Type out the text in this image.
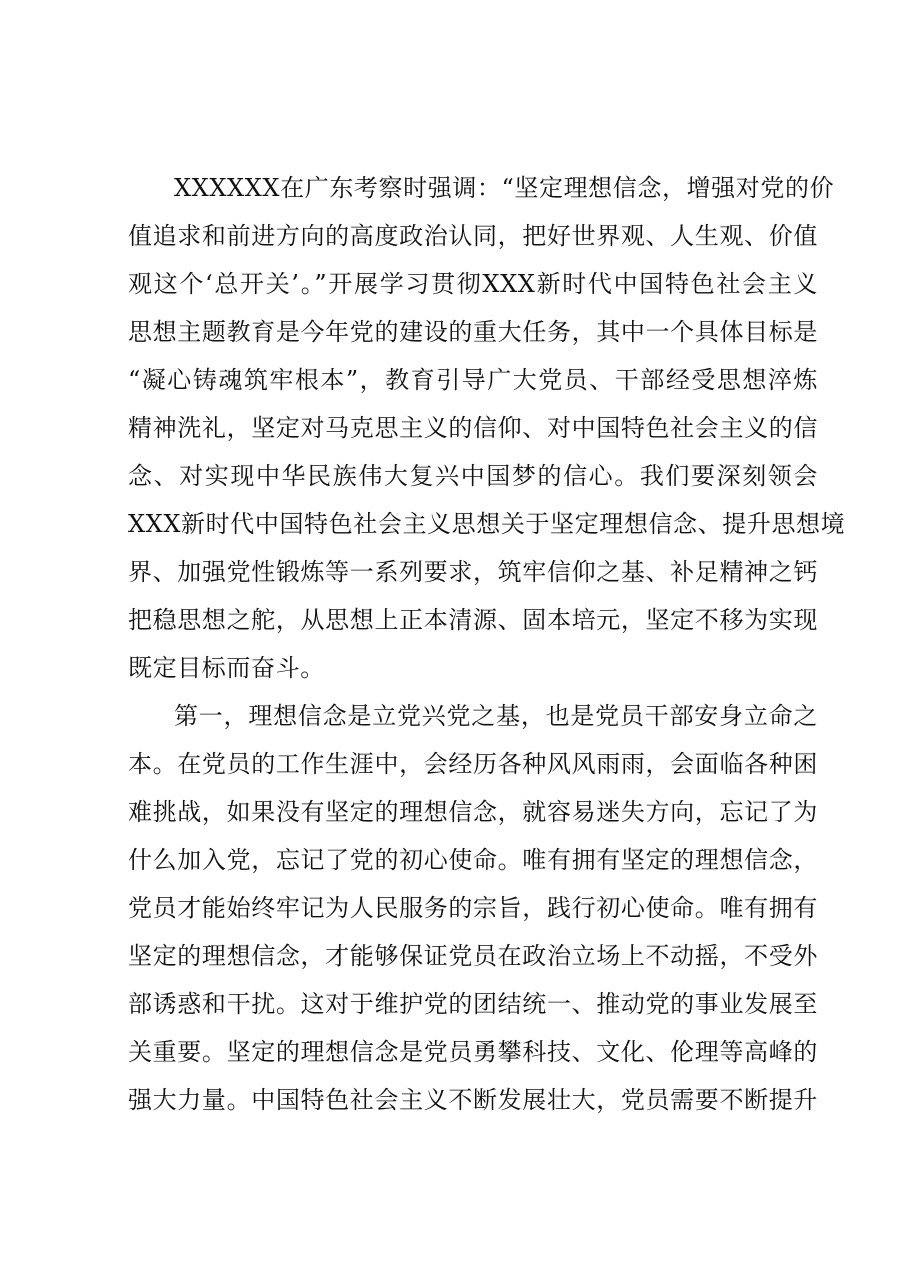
XXXXXX在广东考察时强调：“坚定理想信念，增强对党的价
值追求和前进方向的高度政治认同，把好世界观、人生观、价值
观这个‘总开关’。”开展学习贯彻XXX新时代中国特色社会主义
思想主题教育是今年党的建设的重大任务，其中一个具体目标是
“凝心铸魂筑牢根本”，教育引导广大党员、干部经受思想淬炼
精神洗礼，坚定对马克思主义的信仰、对中国特色社会主义的信
念、对实现中华民族伟大复兴中国梦的信心。我们要深刻领会
XXX新时代中国特色社会主义思想关于坚定理想信念、提升思想境
界、加强党性锻炼等一系列要求，筑牢信仰之基、补足精神之钙
把稳思想之舵，从思想上正本清源、固本培元，坚定不移为实现
既定目标而奋斗。
第一，理想信念是立党兴党之基，也是党员干部安身立命之
本。在党员的工作生涯中，会经历各种风风雨雨，会面临各种困
难挑战，如果没有坚定的理想信念，就容易迷失方向，忘记了为
什么加入党，忘记了党的初心使命。唯有拥有坚定的理想信念，
党员才能始终牢记为人民服务的宗旨，践行初心使命。唯有拥有
坚定的理想信念，才能够保证党员在政治立场上不动摇，不受外
部诱惑和干扰。这对于维护党的团结统一、推动党的事业发展至
关重要。坚定的理想信念是党员勇攀科技、文化、伦理等高峰的
强大力量。中国特色社会主义不断发展壮大，党员需要不断提升
